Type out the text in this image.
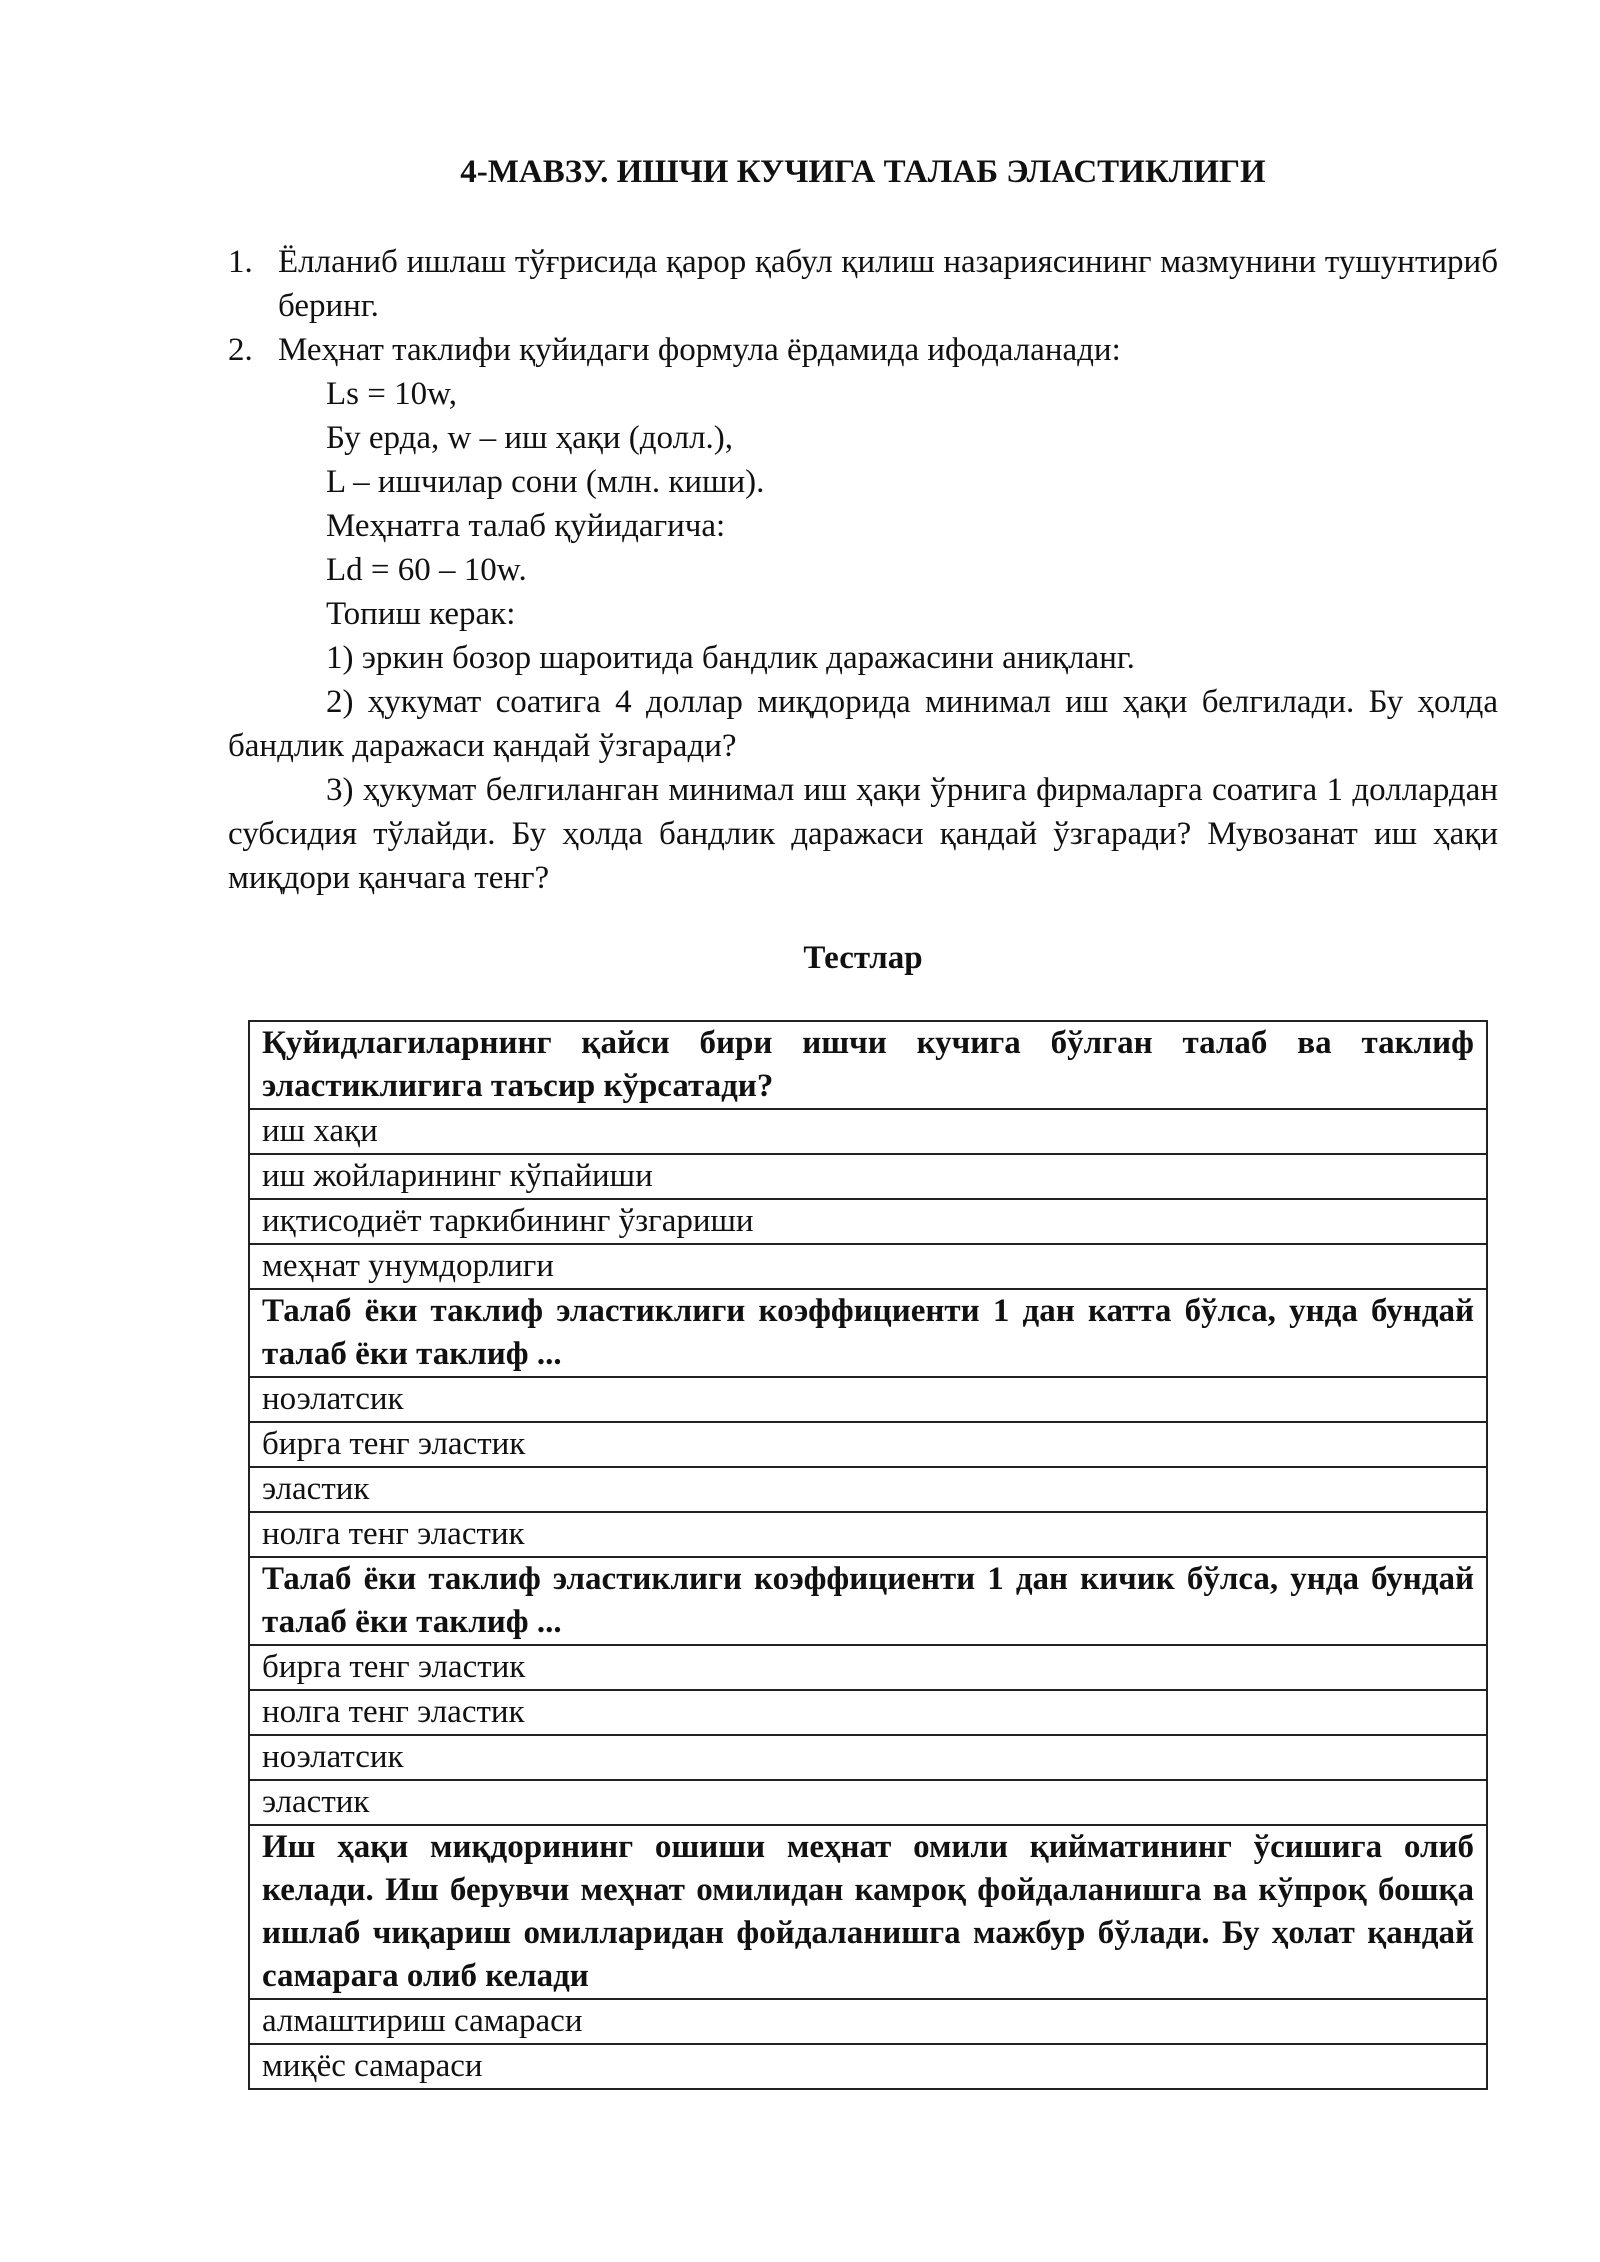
4-МАВЗУ. ИШЧИ КУЧИГА ТАЛАБ ЭЛАСТИКЛИГИ
1. Ёлланиб ишлаш тўғрисида қарор қабул қилиш назариясининг мазмунини тушунтириб беринг.
2. Меҳнат таклифи қуйидаги формула ёрдамида ифодаланади:
Ls = 10w,
Бу ерда, w – иш ҳақи (долл.),
L – ишчилар сони (млн. киши).
Меҳнатга талаб қуйидагича:
Ld = 60 – 10w.
Топиш керак:
1) эркин бозор шароитида бандлик даражасини аниқланг.
2) ҳукумат соатига 4 доллар миқдорида минимал иш ҳақи белгилади. Бу ҳолда бандлик даражаси қандай ўзгаради?
3) ҳукумат белгиланган минимал иш ҳақи ўрнига фирмаларга соатига 1 доллардан субсидия тўлайди. Бу ҳолда бандлик даражаси қандай ўзгаради? Мувозанат иш ҳақи миқдори қанчага тенг?
Тестлар
Қуйидлагиларнинг қайси бири ишчи кучига бўлган талаб ва таклиф эластиклигига таъсир кўрсатади?
иш хақи
иш жойларининг кўпайиши
иқтисодиёт таркибининг ўзгариши
меҳнат унумдорлиги
Талаб ёки таклиф эластиклиги коэффициенти 1 дан катта бўлса, унда бундай талаб ёки таклиф ...
ноэлатсик
бирга тенг эластик
эластик
нолга тенг эластик
Талаб ёки таклиф эластиклиги коэффициенти 1 дан кичик бўлса, унда бундай талаб ёки таклиф ...
бирга тенг эластик
нолга тенг эластик
ноэлатсик
эластик
Иш ҳақи миқдорининг ошиши меҳнат омили қийматининг ўсишига олиб келади. Иш берувчи меҳнат омилидан камроқ фойдаланишга ва кўпроқ бошқа ишлаб чиқариш омилларидан фойдаланишга мажбур бўлади. Бу ҳолат қандай самарага олиб келади
алмаштириш самараси
миқёс самараси
